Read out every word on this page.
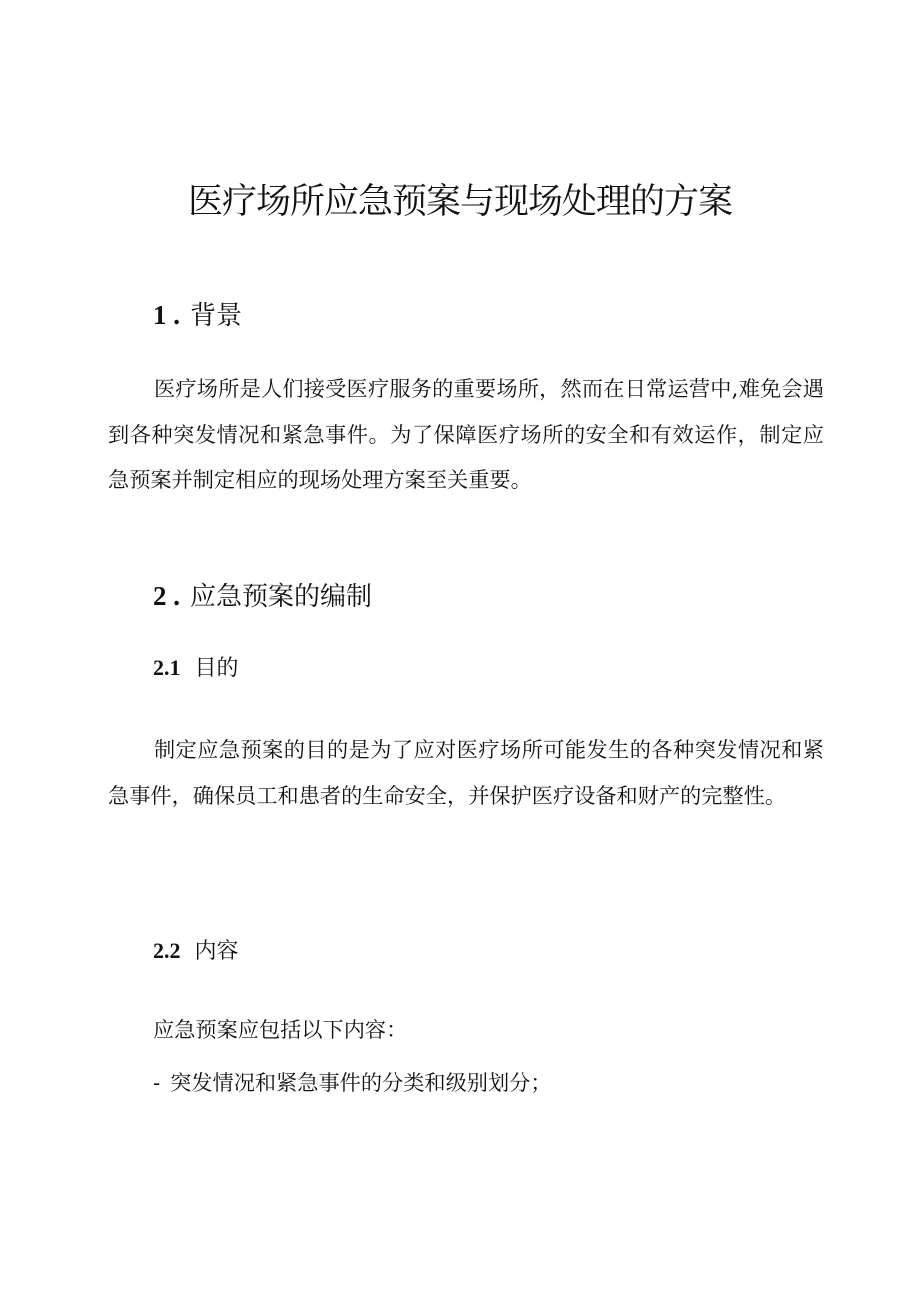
医疗场所应急预案与现场处理的方案
1 . 背景

医疗场所是人们接受医疗服务的重要场所，然而在日常运营中,难免会遇到各种突发情况和紧急事件。为了保障医疗场所的安全和有效运作，制定应急预案并制定相应的现场处理方案至关重要。

2 . 应急预案的编制
2.1 目的

制定应急预案的目的是为了应对医疗场所可能发生的各种突发情况和紧急事件，确保员工和患者的生命安全，并保护医疗设备和财产的完整性。

2.2 内容

应急预案应包括以下内容：

- 突发情况和紧急事件的分类和级别划分；
